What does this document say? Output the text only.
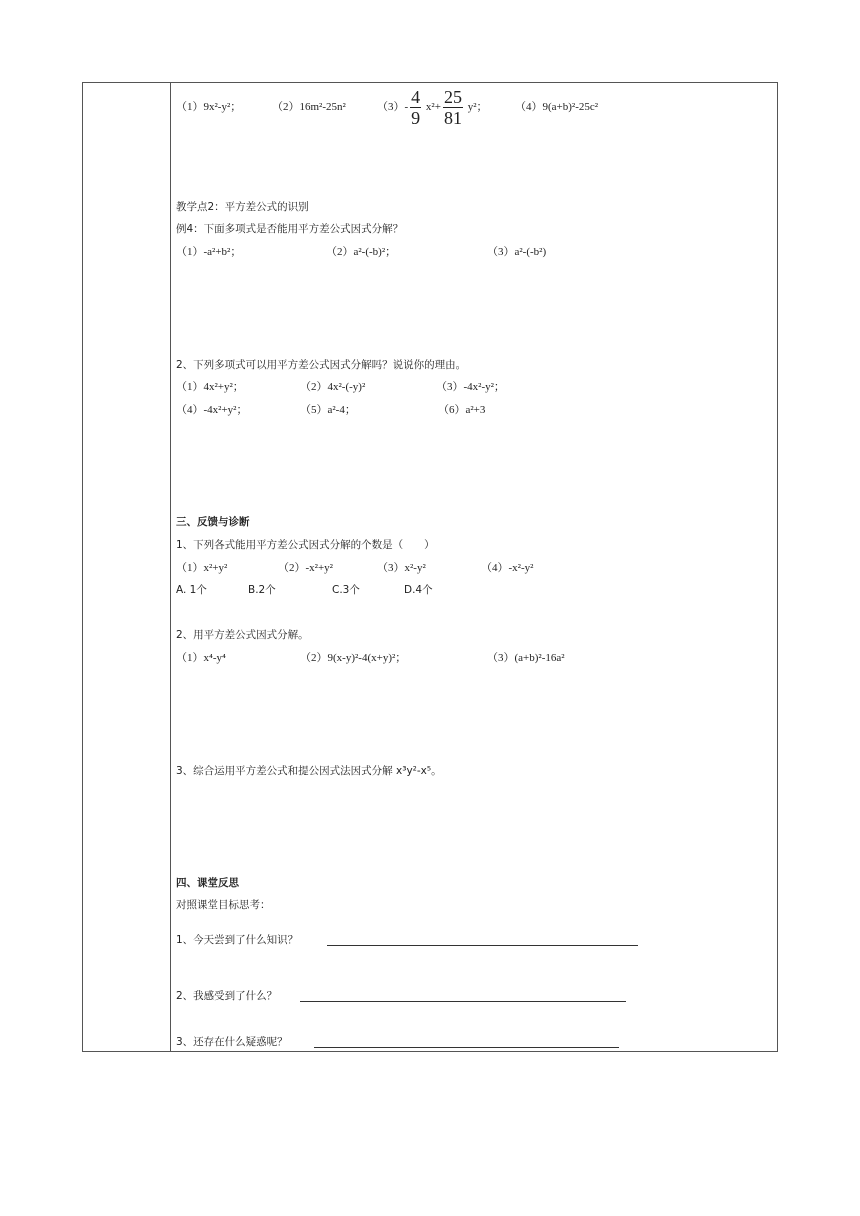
（1）9x²-y²；	（2）16m²-25n²	$(3)- \frac{4}{9} x^2+ \frac{25}{81} y^2$；	（4）9(a+b)²-25c²
教学点2：平方差公式的识别
例4：下面多项式是否能用平方差公式因式分解？
（1）-a²+b²；	（2）a²-(-b)²；	（3）a²-(-b²)
2、下列多项式可以用平方差公式因式分解吗？说说你的理由。
（1）4x²+y²；	（2）4x²-(-y)²	（3）-4x²-y²；
（4）-4x²+y²；	（5）a²-4；	（6）a²+3
三、反馈与诊断
1、下列各式能用平方差公式因式分解的个数是（　　）
（1）x²+y²	（2）-x²+y²	（3）x²-y²	（4）-x²-y²
A. 1个	B.2个	C.3个	D.4个
2、用平方差公式因式分解。
（1）x⁴-y⁴	（2）9(x-y)²-4(x+y)²；	（3）(a+b)²-16a²
3、综合运用平方差公式和提公因式法因式分解 x³y²-x⁵。
四、课堂反思
对照课堂目标思考：
1、今天尝到了什么知识？
2、我感受到了什么？
3、还存在什么疑惑呢？
